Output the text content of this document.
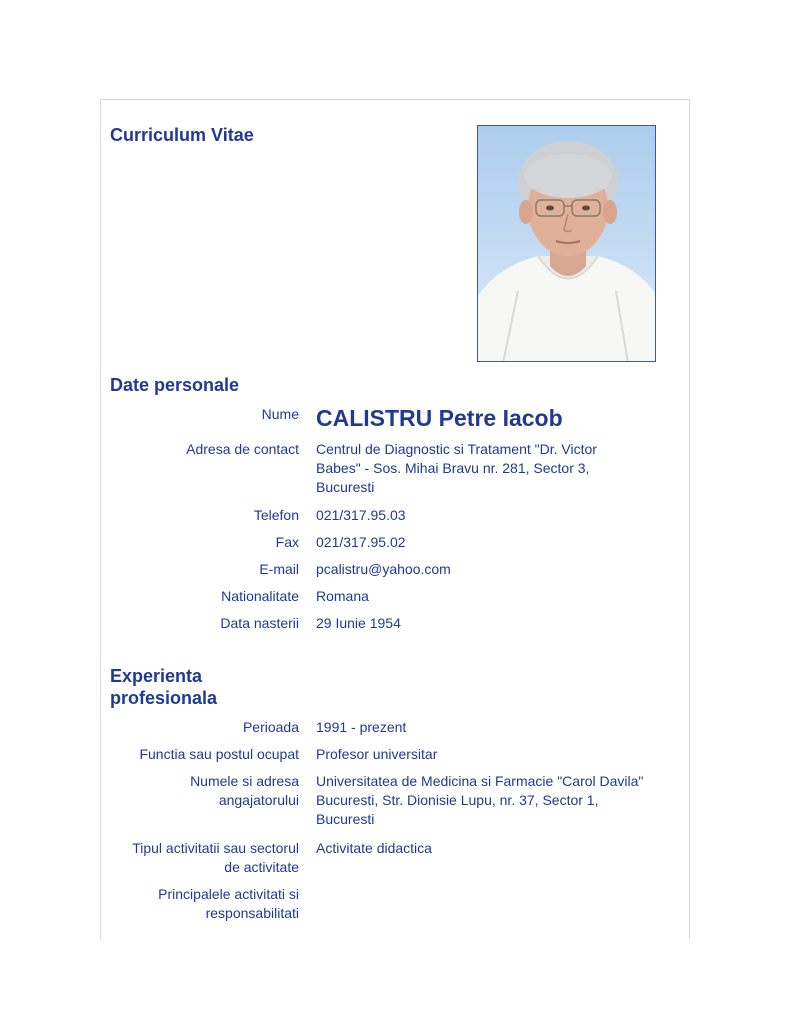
Curriculum Vitae
Date personale
Nume CALISTRU Petre Iacob
Adresa de contact Centrul de Diagnostic si Tratament "Dr. Victor
Babes" - Sos. Mihai Bravu nr. 281, Sector 3,
Bucuresti
Telefon 021/317.95.03
Fax 021/317.95.02
E-mail pcalistru@yahoo.com
Nationalitate Romana
Data nasterii 29 Iunie 1954
Experienta
profesionala
Perioada 1991 - prezent
Functia sau postul ocupat Profesor universitar
Numele si adresa
angajatorului
Universitatea de Medicina si Farmacie "Carol Davila"
Bucuresti, Str. Dionisie Lupu, nr. 37, Sector 1,
Bucuresti
Tipul activitatii sau sectorul
de activitate
Activitate didactica
Principalele activitati si
responsabilitati
